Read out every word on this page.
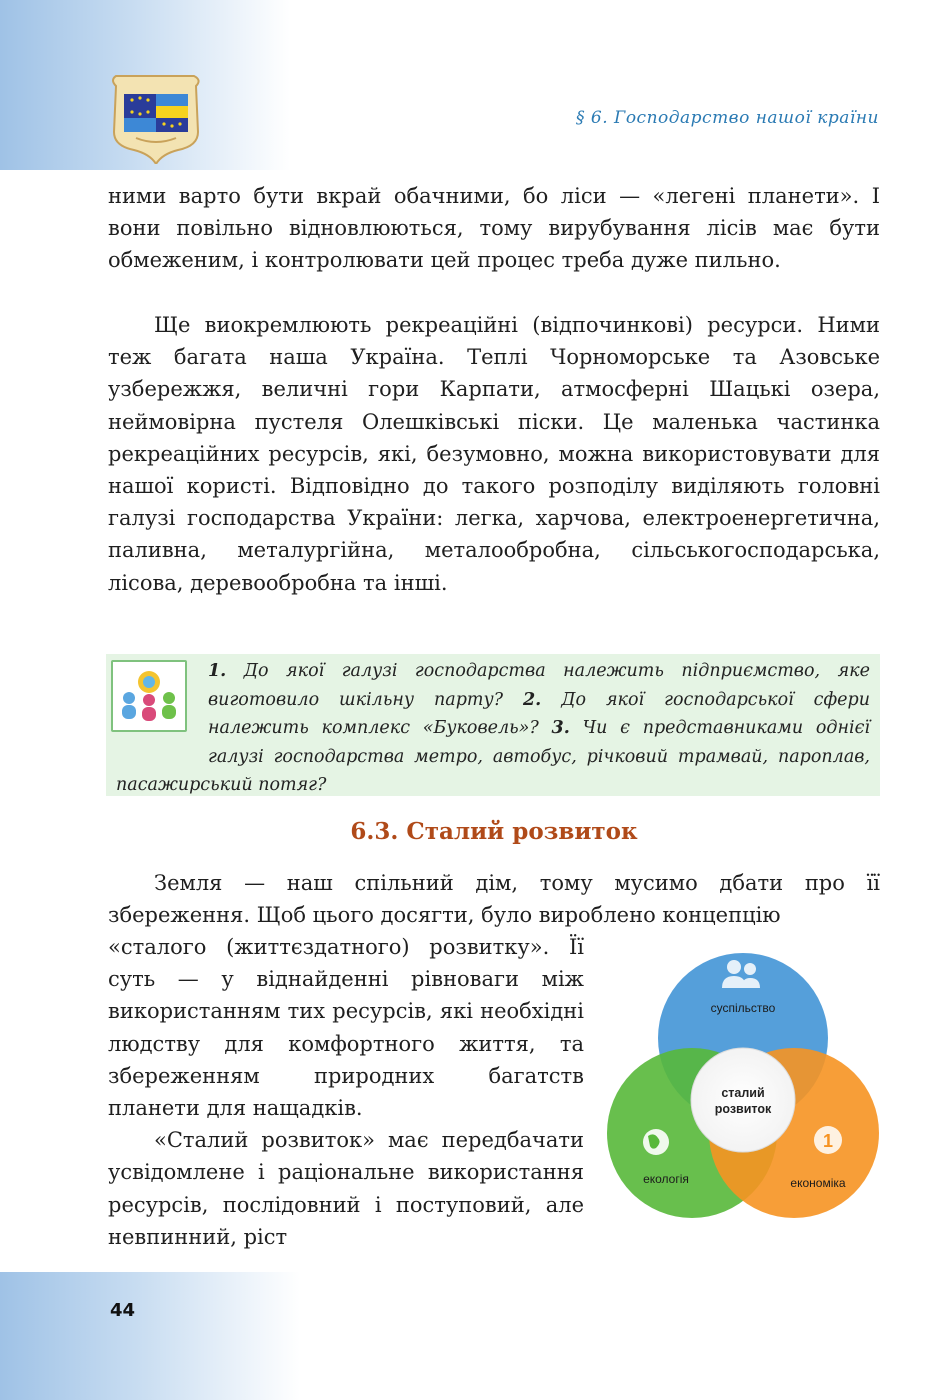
§ 6. Господарство нашої країни

ними варто бути вкрай обачними, бо ліси — «легені планети». І вони повільно відновлюються, тому вирубування лісів має бути обмеженим, і контролювати цей процес треба дуже пильно.

Ще виокремлюють рекреаційні (відпочинкові) ресурси. Ними теж багата наша Україна. Теплі Чорноморське та Азовське узбережжя, величні гори Карпати, атмосферні Шацькі озера, неймовірна пустеля Олешківські піски. Це маленька частинка рекреаційних ресурсів, які, безумовно, можна використовувати для нашої користі. Відповідно до такого розподілу виділяють головні галузі господарства України: легка, харчова, електроенергетична, паливна, металургійна, металообробна, сільськогосподарська, лісова, деревообробна та інші.

1. До якої галузі господарства належить підприємство, яке виготовило шкільну парту? 2. До якої господарської сфери належить комплекс «Буковель»? 3. Чи є представниками однієї галузі господарства метро, автобус, річковий трамвай, пароплав, пасажирський потяг?

6.3. Сталий розвиток

Земля — наш спільний дім, тому мусимо дбати про її збереження. Щоб цього досягти, було вироблено концепцію

«сталого (життєздатного) розвитку». Її суть — у віднайденні рівноваги між використанням тих ресурсів, які необхідні людству для комфортного життя, та збереженням природних багатств планети для нащадків.

«Сталий розвиток» має передбачати усвідомлене і раціональне використання ресурсів, послідовний і поступовий, але невпинний, ріст

1
суспільство
сталий
розвиток
екологія	економіка
44
